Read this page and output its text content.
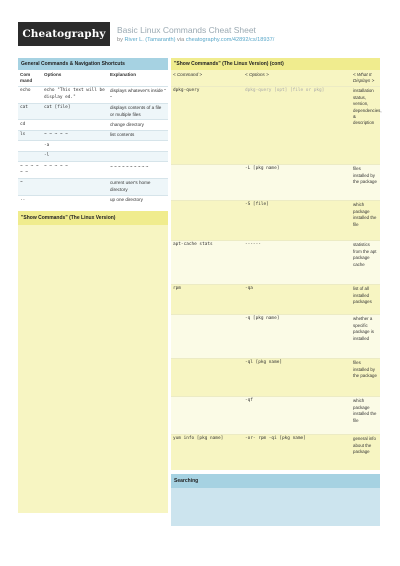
Cheatography	Basic Linux Commands Cheat Sheet
by River L. (Tamaranth) via cheatography.com/42892/cs/18937/
General Commands & Navigation Shortcuts
Com mand	Options	Explanation
echo	echo "This text will be display ed."	displays whatever's inside " "
cat	cat [file]	displays contents of a file or multiple files
cd		change directory
ls	~ ~ ~ ~ ~	list contents
	-a	
	-l	
~ ~ ~ ~ ~ ~	~ ~ ~ ~ ~	~ ~ ~ ~ ~ ~ ~ ~ ~ ~
~		current user's home directory
..		up one directory
"Show Commands" (The Linux Version)
"Show Commands" (The Linux Version) (cont)
< Command >	< Options >	< What It Displays >
dpkg-query	dpkg-query [opt] [file or pkg]	installation status, version, dependencies, & description
	-L [pkg name]	files installed by the package
	-S [file]	which package installed the file
apt-cache stats	------	statistics from the apt package cache
rpm	-qa	list of all installed packages
	-q [pkg name]	whether a specific package is installed
	-ql [pkg name]	files installed by the package
	-qf	which package installed the file
yum info [pkg name]	-or- rpm -qi [pkg name]	general info about the package
Searching
